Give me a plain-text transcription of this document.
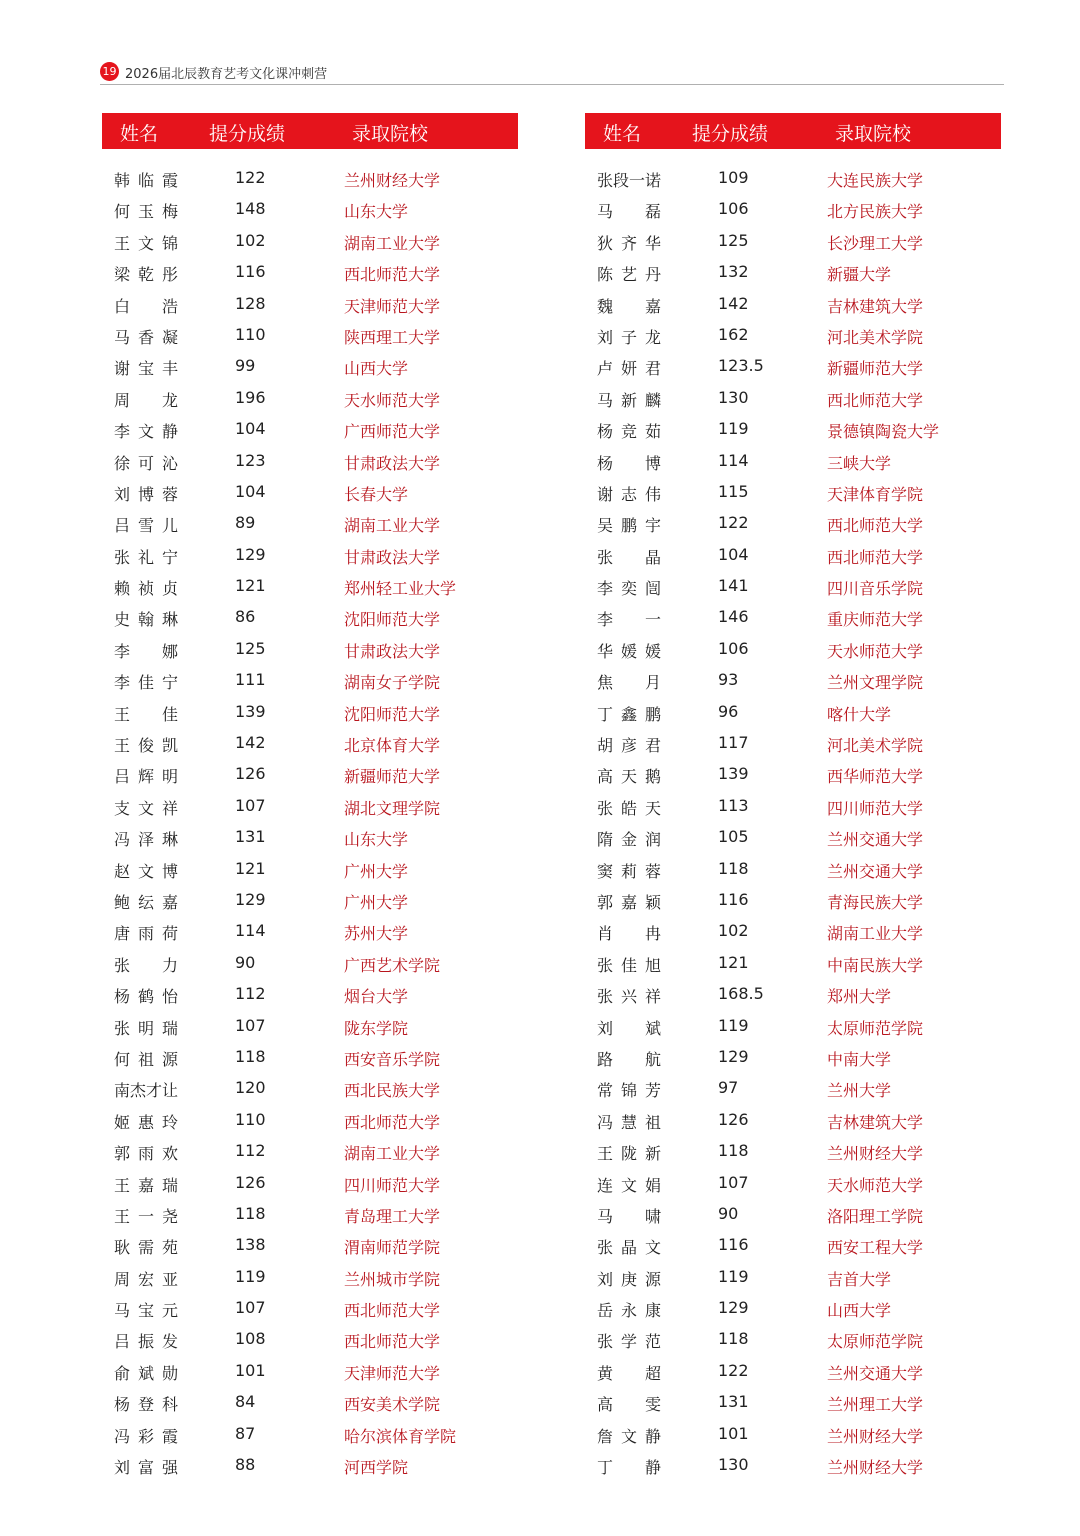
19 2026届北辰教育艺考文化课冲刺营
姓名	提分成绩	录取院校
韩临霞	122	兰州财经大学
何玉梅	148	山东大学
王文锦	102	湖南工业大学
梁乾彤	116	西北师范大学
白 浩	128	天津师范大学
马香凝	110	陕西理工大学
谢宝丰	99	山西大学
周 龙	196	天水师范大学
李文静	104	广西师范大学
徐可沁	123	甘肃政法大学
刘博蓉	104	长春大学
吕雪儿	89	湖南工业大学
张礼宁	129	甘肃政法大学
赖祯贞	121	郑州轻工业大学
史翰琳	86	沈阳师范大学
李 娜	125	甘肃政法大学
李佳宁	111	湖南女子学院
王 佳	139	沈阳师范大学
王俊凯	142	北京体育大学
吕辉明	126	新疆师范大学
支文祥	107	湖北文理学院
冯泽琳	131	山东大学
赵文博	121	广州大学
鲍纭嘉	129	广州大学
唐雨荷	114	苏州大学
张 力	90	广西艺术学院
杨鹤怡	112	烟台大学
张明瑞	107	陇东学院
何祖源	118	西安音乐学院
南杰才让	120	西北民族大学
姬惠玲	110	西北师范大学
郭雨欢	112	湖南工业大学
王嘉瑞	126	四川师范大学
王一尧	118	青岛理工大学
耿需苑	138	渭南师范学院
周宏亚	119	兰州城市学院
马宝元	107	西北师范大学
吕振发	108	西北师范大学
俞斌勋	101	天津师范大学
杨登科	84	西安美术学院
冯彩霞	87	哈尔滨体育学院
刘富强	88	河西学院
姓名	提分成绩	录取院校
张段一诺	109	大连民族大学
马 磊	106	北方民族大学
狄齐华	125	长沙理工大学
陈艺丹	132	新疆大学
魏 嘉	142	吉林建筑大学
刘子龙	162	河北美术学院
卢妍君	123.5	新疆师范大学
马新麟	130	西北师范大学
杨竞茹	119	景德镇陶瓷大学
杨 博	114	三峡大学
谢志伟	115	天津体育学院
吴鹏宇	122	西北师范大学
张 晶	104	西北师范大学
李奕闿	141	四川音乐学院
李 一	146	重庆师范大学
华媛媛	106	天水师范大学
焦 月	93	兰州文理学院
丁鑫鹏	96	喀什大学
胡彦君	117	河北美术学院
高天鹅	139	西华师范大学
张皓天	113	四川师范大学
隋金润	105	兰州交通大学
窦莉蓉	118	兰州交通大学
郭嘉颖	116	青海民族大学
肖 冉	102	湖南工业大学
张佳旭	121	中南民族大学
张兴祥	168.5	郑州大学
刘 斌	119	太原师范学院
路 航	129	中南大学
常锦芳	97	兰州大学
冯慧祖	126	吉林建筑大学
王陇新	118	兰州财经大学
连文娟	107	天水师范大学
马 啸	90	洛阳理工学院
张晶文	116	西安工程大学
刘庚源	119	吉首大学
岳永康	129	山西大学
张学范	118	太原师范学院
黄 超	122	兰州交通大学
高 雯	131	兰州理工大学
詹文静	101	兰州财经大学
丁 静	130	兰州财经大学
